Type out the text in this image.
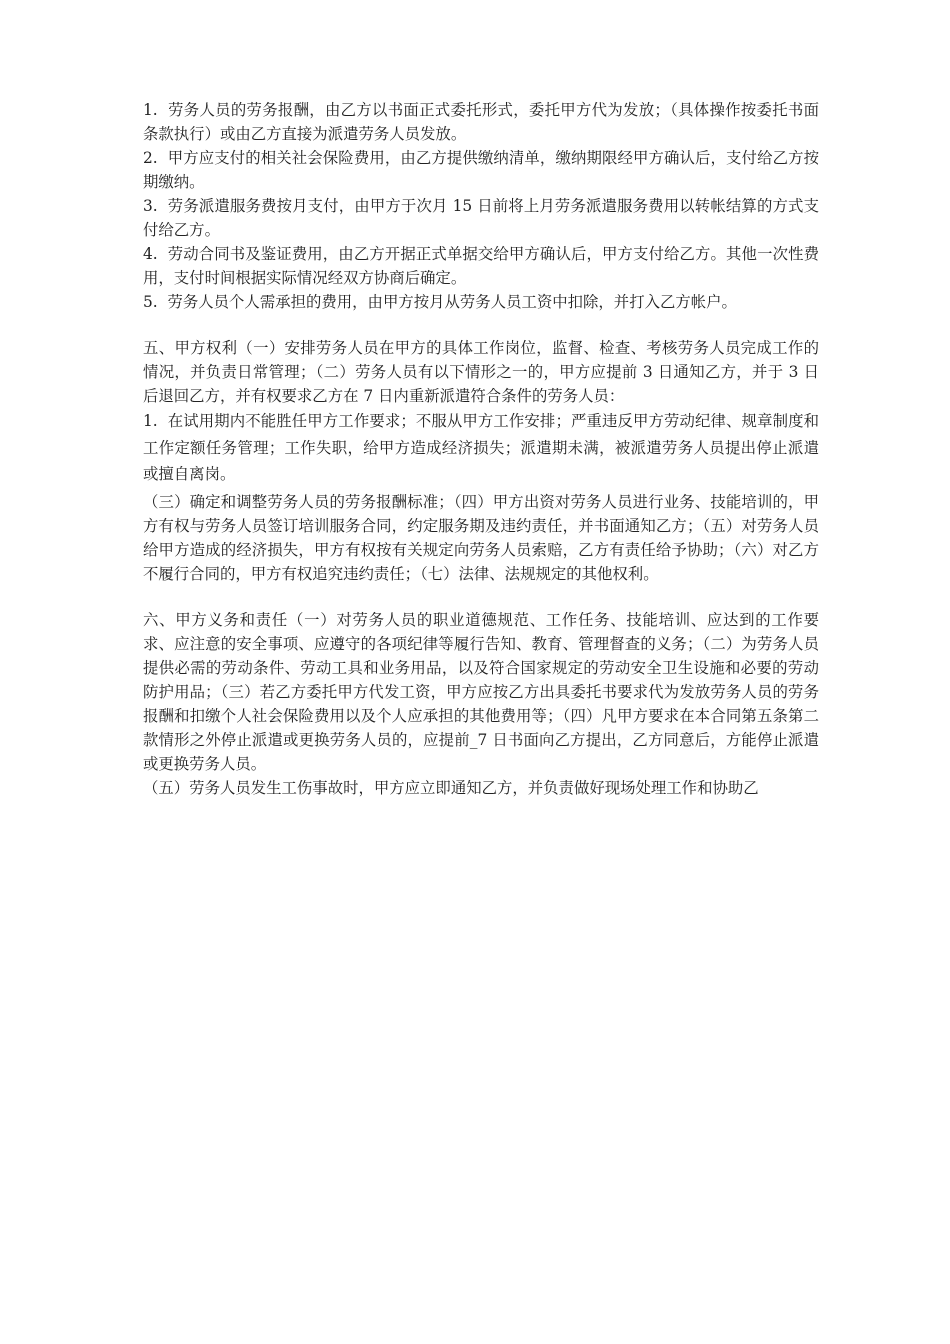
1.  劳务人员的劳务报酬，由乙方以书面正式委托形式，委托甲方代为发放；（具体操作按委托书面条款执行）或由乙方直接为派遣劳务人员发放。

2.  甲方应支付的相关社会保险费用，由乙方提供缴纳清单，缴纳期限经甲方确认后，支付给乙方按期缴纳。

3.  劳务派遣服务费按月支付，由甲方于次月 15 日前将上月劳务派遣服务费用以转帐结算的方式支付给乙方。

4.  劳动合同书及鉴证费用，由乙方开据正式单据交给甲方确认后，甲方支付给乙方。其他一次性费用，支付时间根据实际情况经双方协商后确定。

5.  劳务人员个人需承担的费用，由甲方按月从劳务人员工资中扣除，并打入乙方帐户。

五、甲方权利（一）安排劳务人员在甲方的具体工作岗位，监督、检查、考核劳务人员完成工作的情况，并负责日常管理；（二）劳务人员有以下情形之一的，甲方应提前 3 日通知乙方，并于 3 日后退回乙方，并有权要求乙方在 7 日内重新派遣符合条件的劳务人员：

1.  在试用期内不能胜任甲方工作要求；不服从甲方工作安排；严重违反甲方劳动纪律、规章制度和工作定额任务管理；工作失职，给甲方造成经济损失；派遣期未满，被派遣劳务人员提出停止派遣或擅自离岗。

（三）确定和调整劳务人员的劳务报酬标准；（四）甲方出资对劳务人员进行业务、技能培训的，甲方有权与劳务人员签订培训服务合同，约定服务期及违约责任，并书面通知乙方；（五）对劳务人员给甲方造成的经济损失，甲方有权按有关规定向劳务人员索赔，乙方有责任给予协助；（六）对乙方不履行合同的，甲方有权追究违约责任；（七）法律、法规规定的其他权利。

六、甲方义务和责任（一）对劳务人员的职业道德规范、工作任务、技能培训、应达到的工作要求、应注意的安全事项、应遵守的各项纪律等履行告知、教育、管理督查的义务；（二）为劳务人员提供必需的劳动条件、劳动工具和业务用品，以及符合国家规定的劳动安全卫生设施和必要的劳动防护用品；（三）若乙方委托甲方代发工资，甲方应按乙方出具委托书要求代为发放劳务人员的劳务报酬和扣缴个人社会保险费用以及个人应承担的其他费用等；（四）凡甲方要求在本合同第五条第二款情形之外停止派遣或更换劳务人员的，应提前_7 日书面向乙方提出，乙方同意后，方能停止派遣或更换劳务人员。

（五）劳务人员发生工伤事故时，甲方应立即通知乙方，并负责做好现场处理工作和协助乙
